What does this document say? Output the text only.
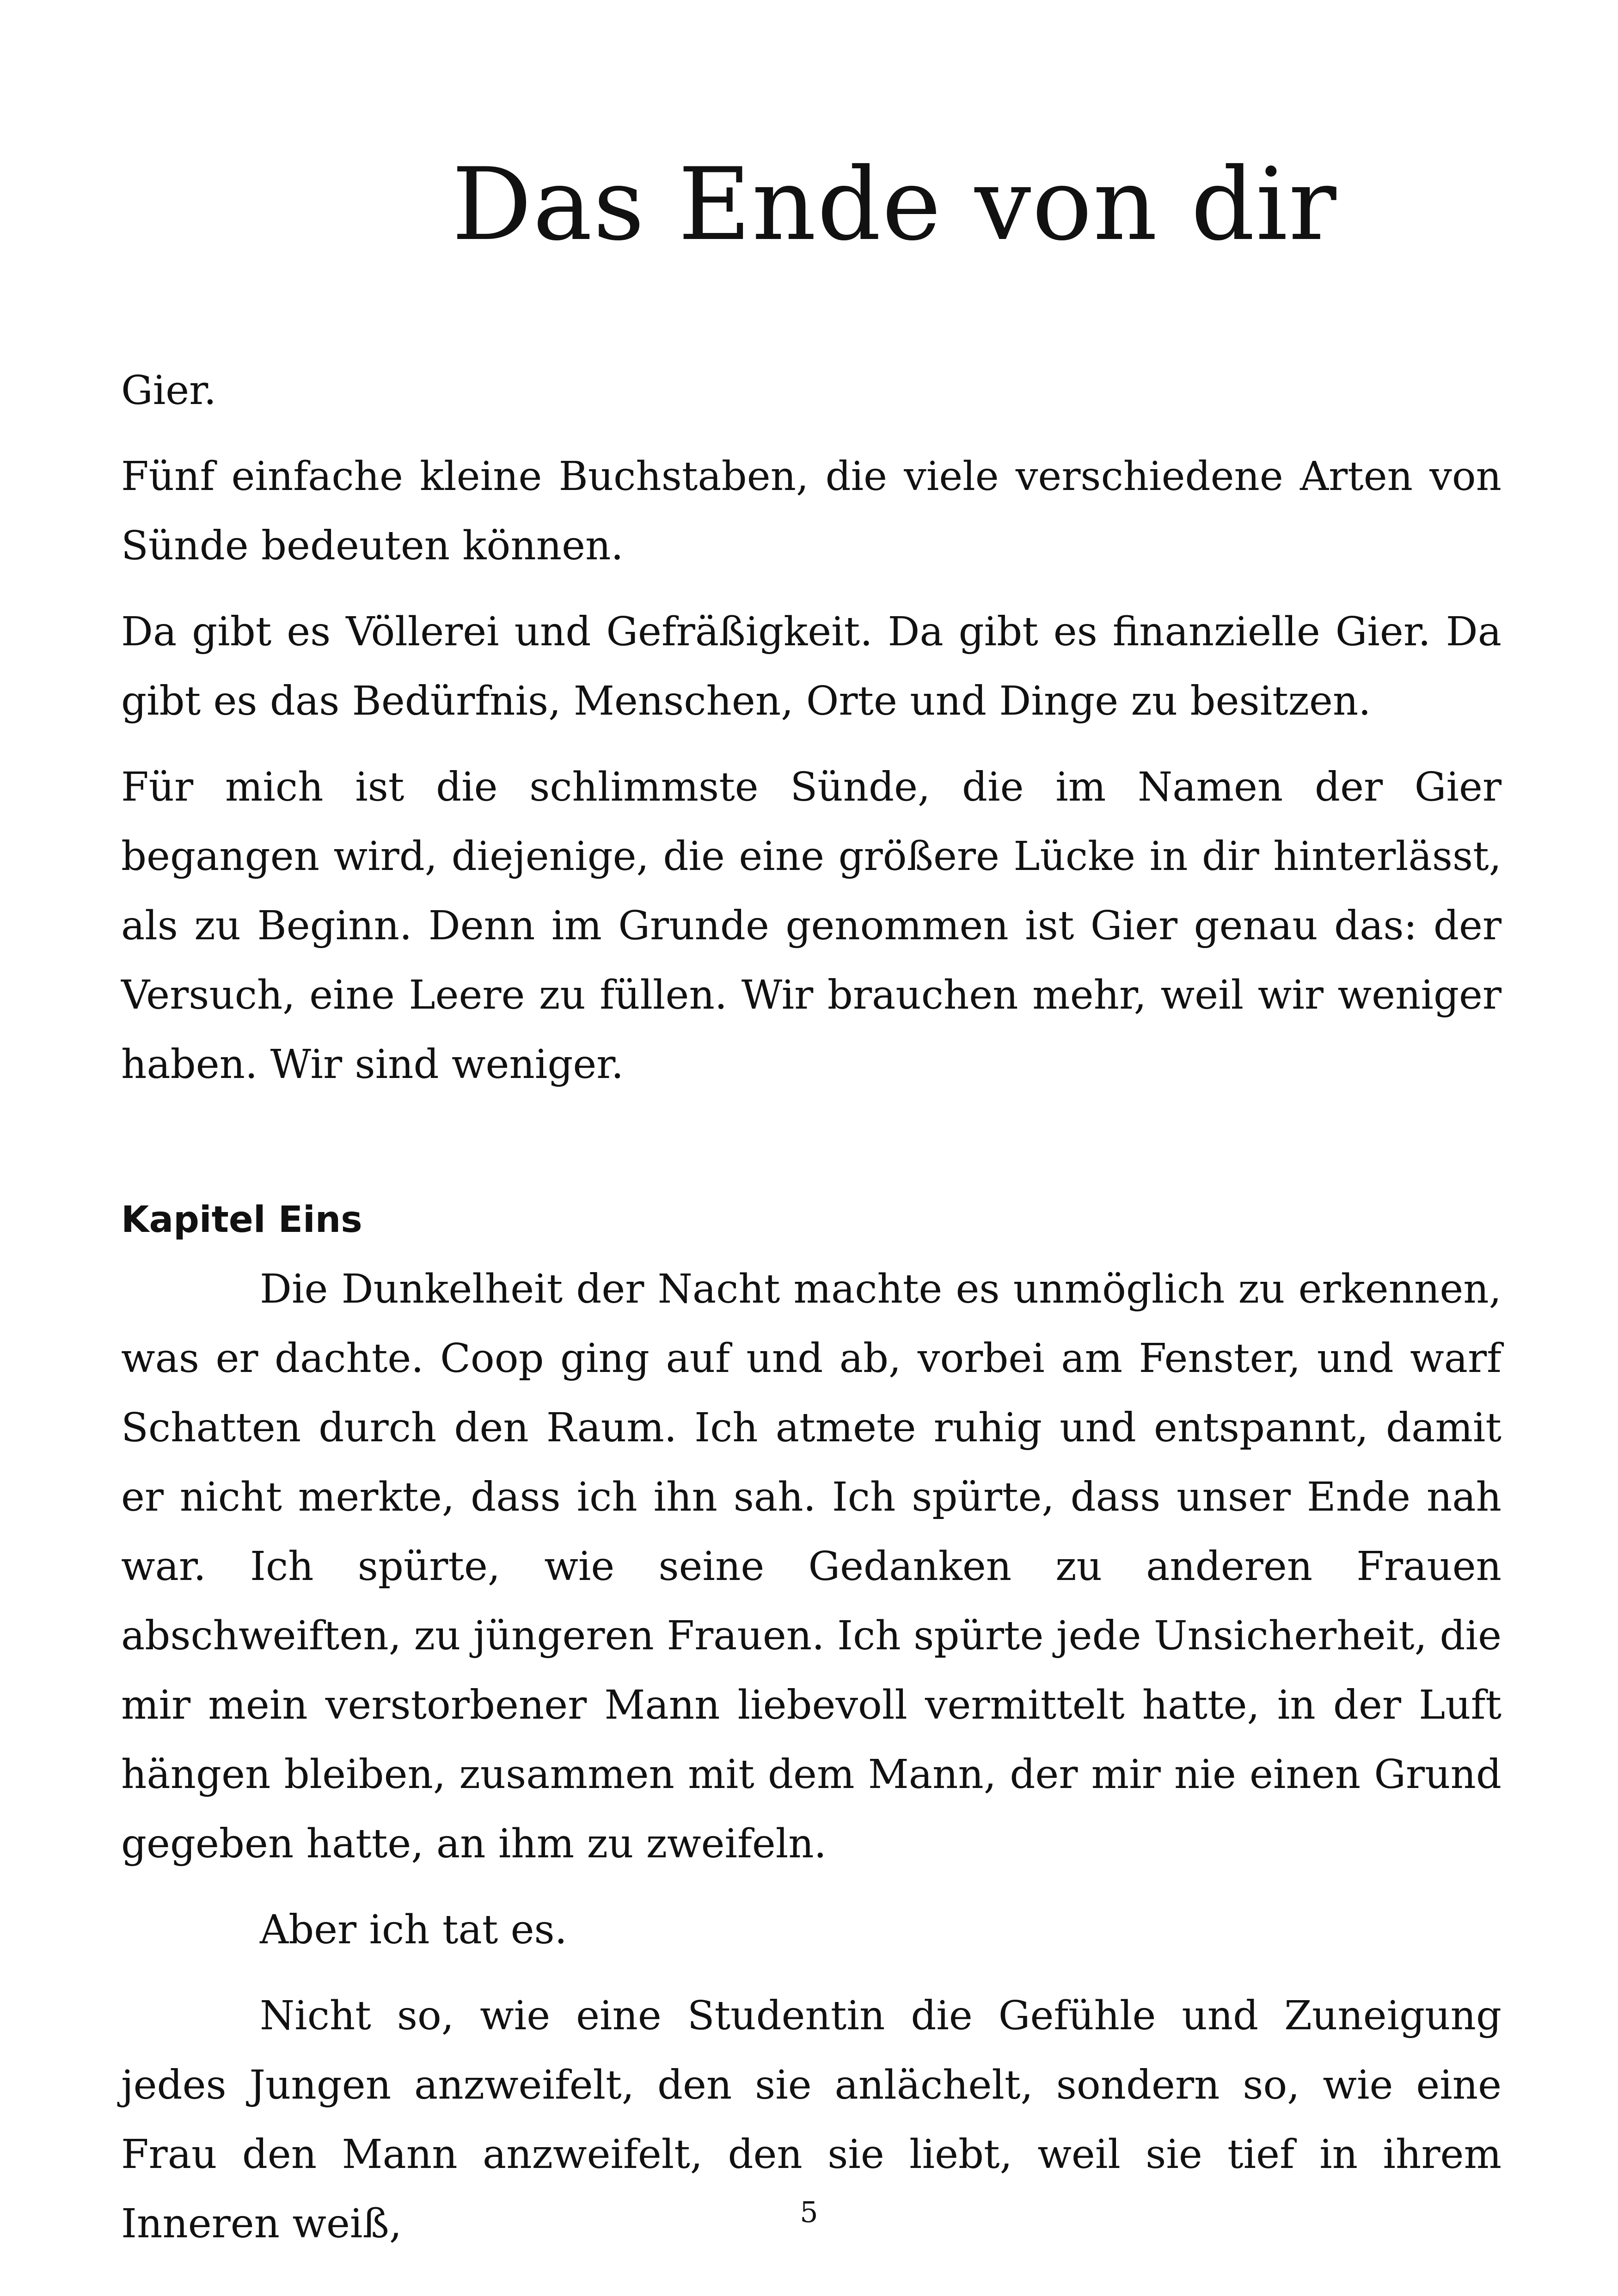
Das Ende von dir

Gier.

Fünf einfache kleine Buchstaben, die viele verschiedene Arten von Sünde bedeuten können.

Da gibt es Völlerei und Gefräßigkeit. Da gibt es finanzielle Gier. Da gibt es das Bedürfnis, Menschen, Orte und Dinge zu besitzen.

Für mich ist die schlimmste Sünde, die im Namen der Gier begangen wird, diejenige, die eine größere Lücke in dir hinterlässt, als zu Beginn. Denn im Grunde genommen ist Gier genau das: der Versuch, eine Leere zu füllen. Wir brauchen mehr, weil wir weniger haben. Wir sind weniger.

Kapitel Eins

Die Dunkelheit der Nacht machte es unmöglich zu erkennen, was er dachte. Coop ging auf und ab, vorbei am Fenster, und warf Schatten durch den Raum. Ich atmete ruhig und entspannt, damit er nicht merkte, dass ich ihn sah. Ich spürte, dass unser Ende nah war. Ich spürte, wie seine Gedanken zu anderen Frauen abschweiften, zu jüngeren Frauen. Ich spürte jede Unsicherheit, die mir mein verstorbener Mann liebevoll vermittelt hatte, in der Luft hängen bleiben, zusammen mit dem Mann, der mir nie einen Grund gegeben hatte, an ihm zu zweifeln.

Aber ich tat es.

Nicht so, wie eine Studentin die Gefühle und Zuneigung jedes Jungen anzweifelt, den sie anlächelt, sondern so, wie eine Frau den Mann anzweifelt, den sie liebt, weil sie tief in ihrem Inneren weiß,	5
